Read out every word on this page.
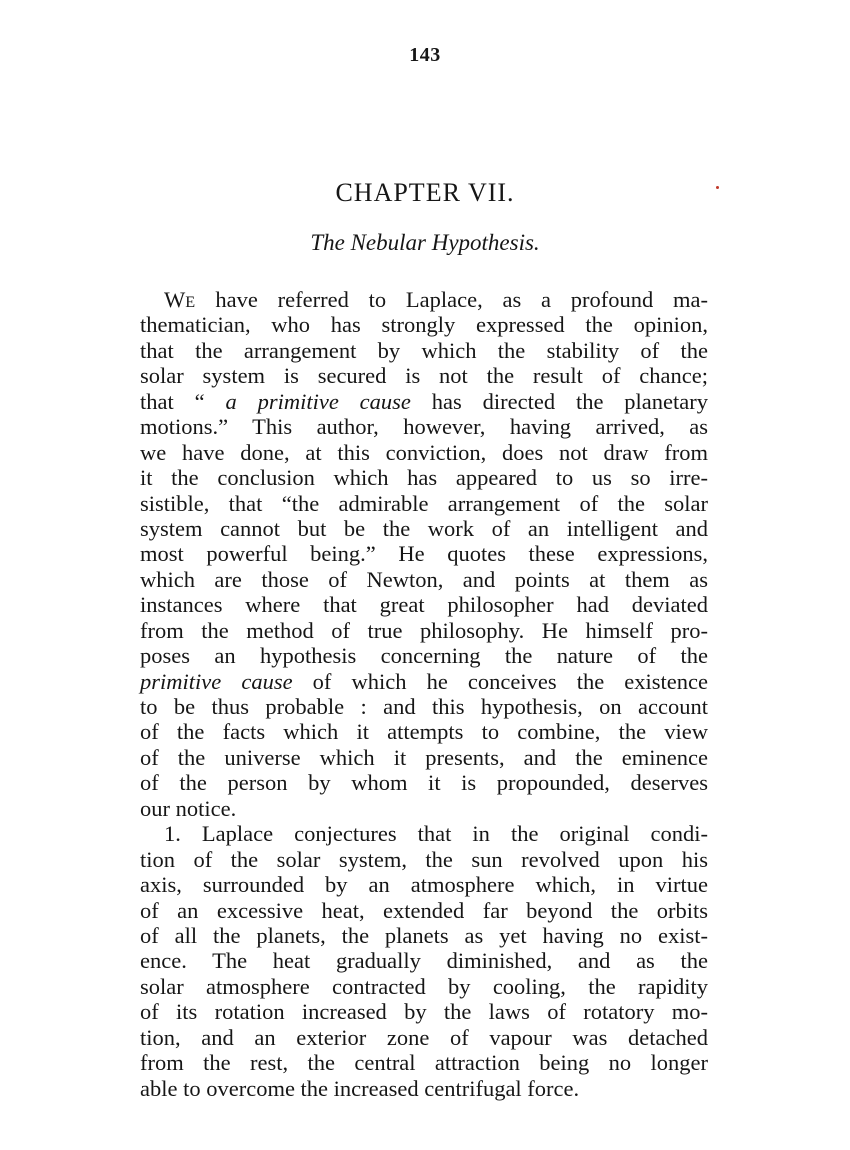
143
CHAPTER VII.
The Nebular Hypothesis.
WE have referred to Laplace, as a profound ma-
thematician, who has strongly expressed the opinion,
that the arrangement by which the stability of the
solar system is secured is not the result of chance;
that “ a primitive cause has directed the planetary
motions.” This author, however, having arrived, as
we have done, at this conviction, does not draw from
it the conclusion which has appeared to us so irre-
sistible, that “the admirable arrangement of the solar
system cannot but be the work of an intelligent and
most powerful being.” He quotes these expressions,
which are those of Newton, and points at them as
instances where that great philosopher had deviated
from the method of true philosophy. He himself pro-
poses an hypothesis concerning the nature of the
primitive cause of which he conceives the existence
to be thus probable : and this hypothesis, on account
of the facts which it attempts to combine, the view
of the universe which it presents, and the eminence
of the person by whom it is propounded, deserves
our notice.
1. Laplace conjectures that in the original condi-
tion of the solar system, the sun revolved upon his
axis, surrounded by an atmosphere which, in virtue
of an excessive heat, extended far beyond the orbits
of all the planets, the planets as yet having no exist-
ence. The heat gradually diminished, and as the
solar atmosphere contracted by cooling, the rapidity
of its rotation increased by the laws of rotatory mo-
tion, and an exterior zone of vapour was detached
from the rest, the central attraction being no longer
able to overcome the increased centrifugal force.
